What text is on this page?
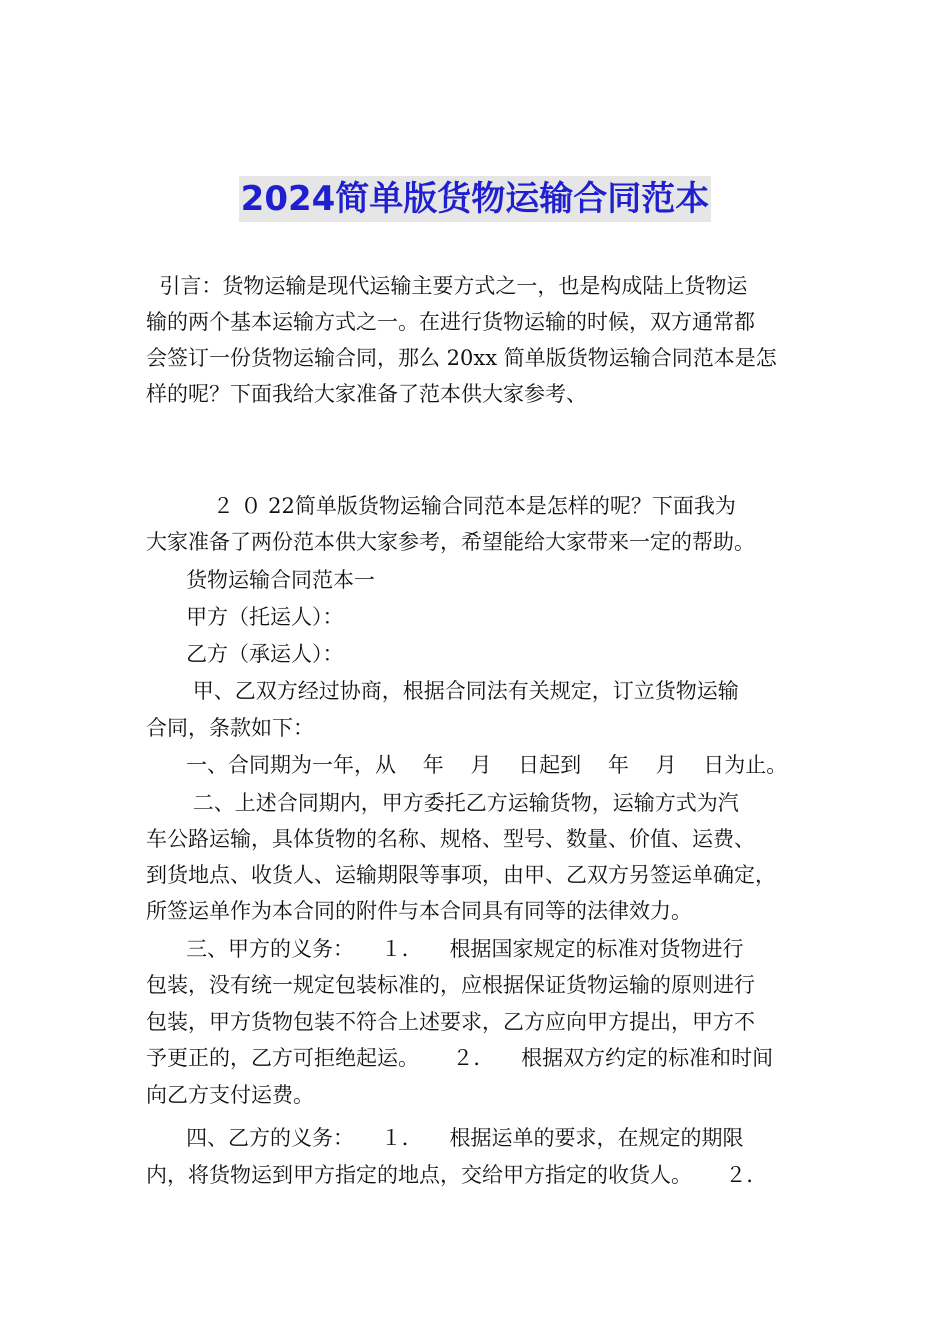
2024简单版货物运输合同范本

引言：货物运输是现代运输主要方式之一，也是构成陆上货物运

输的两个基本运输方式之一。在进行货物运输的时候，双方通常都

会签订一份货物运输合同，那么 20xx 简单版货物运输合同范本是怎

样的呢？下面我给大家准备了范本供大家参考、

２ ０ 22简单版货物运输合同范本是怎样的呢？下面我为

大家准备了两份范本供大家参考，希望能给大家带来一定的帮助。

货物运输合同范本一

甲方（托运人）：

乙方（承运人）：

甲、乙双方经过协商，根据合同法有关规定，订立货物运输

合同，条款如下：

一、合同期为一年，从    年    月    日起到    年    月    日为止。

二、上述合同期内，甲方委托乙方运输货物，运输方式为汽

车公路运输，具体货物的名称、规格、型号、数量、价值、运费、

到货地点、收货人、运输期限等事项，由甲、乙双方另签运单确定，

所签运单作为本合同的附件与本合同具有同等的法律效力。

三、甲方的义务：    １．    根据国家规定的标准对货物进行

包装，没有统一规定包装标准的，应根据保证货物运输的原则进行

包装，甲方货物包装不符合上述要求，乙方应向甲方提出，甲方不

予更正的，乙方可拒绝起运。     ２．    根据双方约定的标准和时间

向乙方支付运费。

四、乙方的义务：    １．    根据运单的要求，在规定的期限

内，将货物运到甲方指定的地点，交给甲方指定的收货人。     ２．
